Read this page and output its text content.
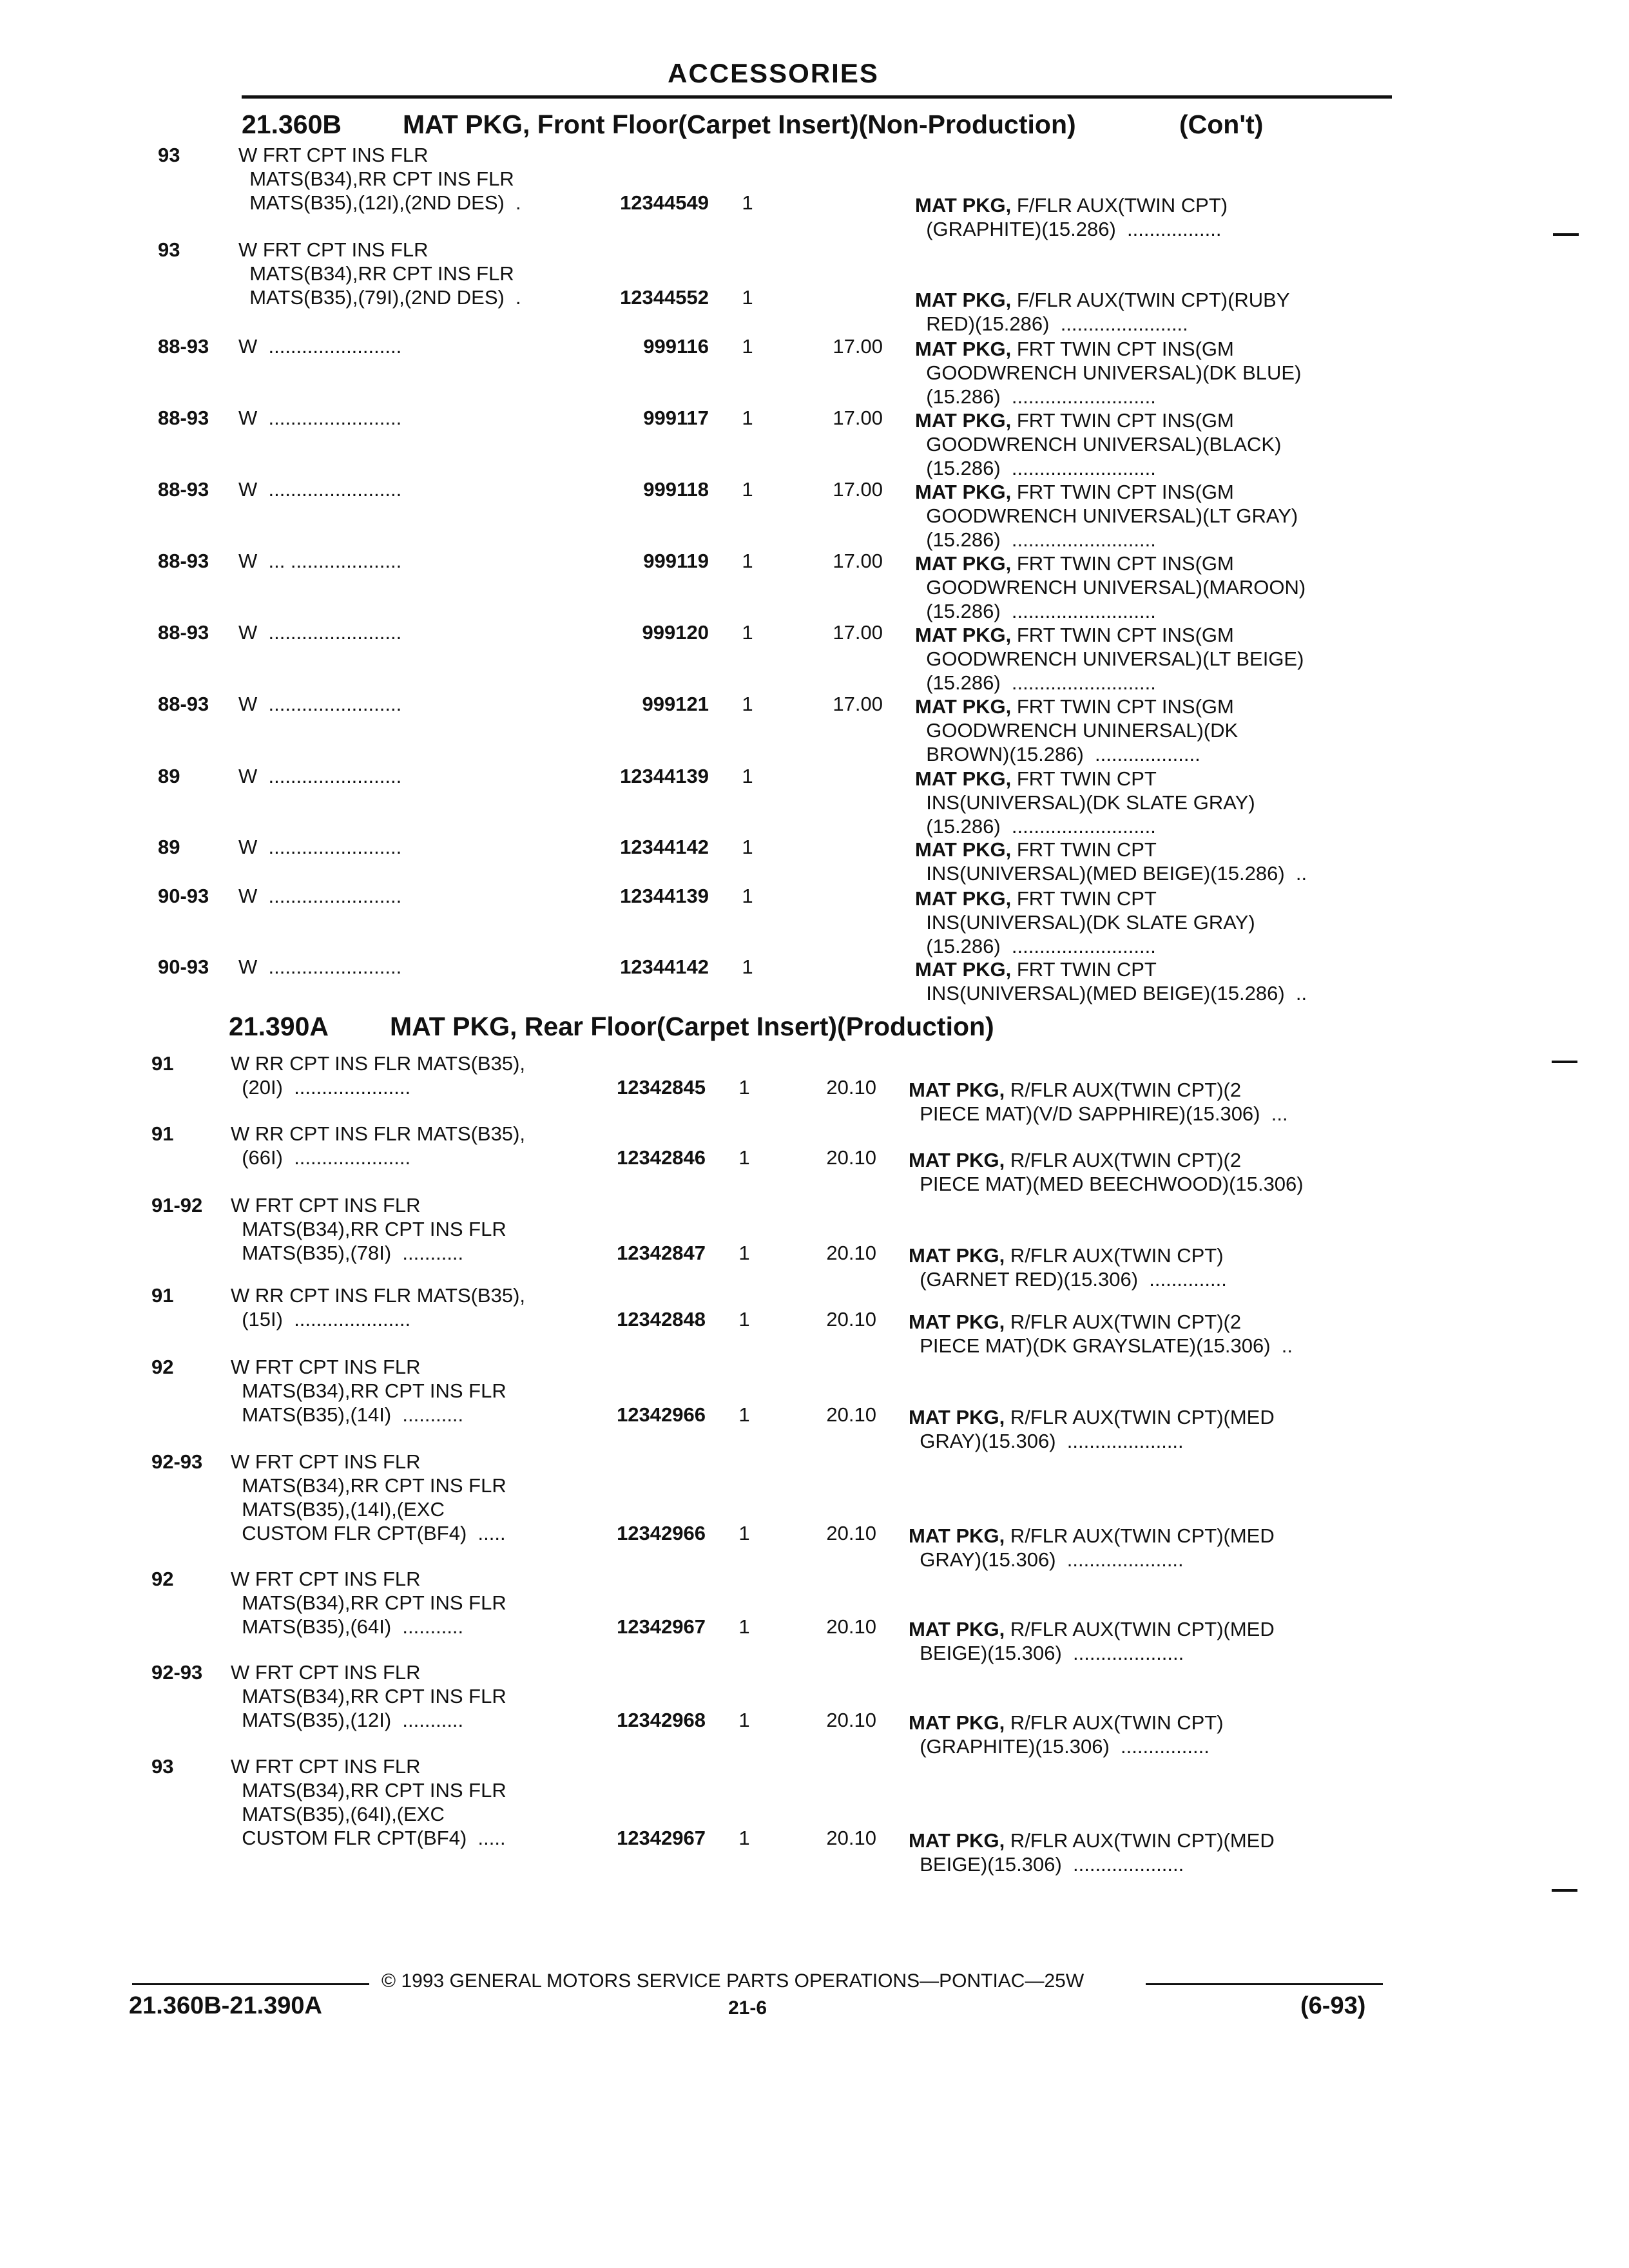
ACCESSORIES
21.360B MAT PKG, Front Floor(Carpet Insert)(Non-Production)	(Con't)
93	W FRT CPT INS FLR
MATS(B34),RR CPT INS FLR
MATS(B35),(12I),(2ND DES)  .	12344549 1	MAT PKG, F/FLR AUX(TWIN CPT)
(GRAPHITE)(15.286)  .................
93	W FRT CPT INS FLR
MATS(B34),RR CPT INS FLR
MATS(B35),(79I),(2ND DES)  .	12344552 1	MAT PKG, F/FLR AUX(TWIN CPT)(RUBY
RED)(15.286)  .......................
88-93 W  ........................	999116 1	17.00 MAT PKG, FRT TWIN CPT INS(GM
GOODWRENCH UNIVERSAL)(DK BLUE)
(15.286)  ..........................
88-93 W  ........................	999117 1	17.00 MAT PKG, FRT TWIN CPT INS(GM
GOODWRENCH UNIVERSAL)(BLACK)
(15.286)  ..........................
88-93 W  ........................	999118 1	17.00 MAT PKG, FRT TWIN CPT INS(GM
GOODWRENCH UNIVERSAL)(LT GRAY)
(15.286)  ..........................
88-93 W  ... ....................	999119 1	17.00 MAT PKG, FRT TWIN CPT INS(GM
GOODWRENCH UNIVERSAL)(MAROON)
(15.286)  ..........................
88-93 W  ........................	999120 1	17.00 MAT PKG, FRT TWIN CPT INS(GM
GOODWRENCH UNIVERSAL)(LT BEIGE)
(15.286)  ..........................
88-93 W  ........................	999121 1	17.00 MAT PKG, FRT TWIN CPT INS(GM
GOODWRENCH UNINERSAL)(DK
BROWN)(15.286)  ...................
89	W  ........................	12344139 1	MAT PKG, FRT TWIN CPT
INS(UNIVERSAL)(DK SLATE GRAY)
(15.286)  ..........................
89	W  ........................	12344142 1	MAT PKG, FRT TWIN CPT
INS(UNIVERSAL)(MED BEIGE)(15.286)  ..
90-93 W  ........................	12344139 1	MAT PKG, FRT TWIN CPT
INS(UNIVERSAL)(DK SLATE GRAY)
(15.286)  ..........................
90-93 W  ........................	12344142 1	MAT PKG, FRT TWIN CPT
INS(UNIVERSAL)(MED BEIGE)(15.286)  ..
21.390A MAT PKG, Rear Floor(Carpet Insert)(Production)
91	W RR CPT INS FLR MATS(B35),
(20I)  .....................	12342845 1	20.10 MAT PKG, R/FLR AUX(TWIN CPT)(2
PIECE MAT)(V/D SAPPHIRE)(15.306)  ...
91	W RR CPT INS FLR MATS(B35),
(66I)  .....................	12342846 1	20.10 MAT PKG, R/FLR AUX(TWIN CPT)(2
PIECE MAT)(MED BEECHWOOD)(15.306)
91-92 W FRT CPT INS FLR
MATS(B34),RR CPT INS FLR
MATS(B35),(78I)  ...........	12342847 1	20.10 MAT PKG, R/FLR AUX(TWIN CPT)
(GARNET RED)(15.306)  ..............
91	W RR CPT INS FLR MATS(B35),
(15I)  .....................	12342848 1	20.10 MAT PKG, R/FLR AUX(TWIN CPT)(2
PIECE MAT)(DK GRAYSLATE)(15.306)  ..
92	W FRT CPT INS FLR
MATS(B34),RR CPT INS FLR
MATS(B35),(14I)  ...........	12342966 1	20.10 MAT PKG, R/FLR AUX(TWIN CPT)(MED
GRAY)(15.306)  .....................
92-93 W FRT CPT INS FLR
MATS(B34),RR CPT INS FLR
MATS(B35),(14I),(EXC
CUSTOM FLR CPT(BF4)  .....	12342966 1	20.10 MAT PKG, R/FLR AUX(TWIN CPT)(MED
GRAY)(15.306)  .....................
92	W FRT CPT INS FLR
MATS(B34),RR CPT INS FLR
MATS(B35),(64I)  ...........	12342967 1	20.10 MAT PKG, R/FLR AUX(TWIN CPT)(MED
BEIGE)(15.306)  ....................
92-93 W FRT CPT INS FLR
MATS(B34),RR CPT INS FLR
MATS(B35),(12I)  ...........	12342968 1	20.10 MAT PKG, R/FLR AUX(TWIN CPT)
(GRAPHITE)(15.306)  ................
93	W FRT CPT INS FLR
MATS(B34),RR CPT INS FLR
MATS(B35),(64I),(EXC
CUSTOM FLR CPT(BF4)  .....	12342967 1	20.10 MAT PKG, R/FLR AUX(TWIN CPT)(MED
BEIGE)(15.306)  ....................
© 1993 GENERAL MOTORS SERVICE PARTS OPERATIONS—PONTIAC—25W
21.360B-21.390A	21-6	(6-93)
